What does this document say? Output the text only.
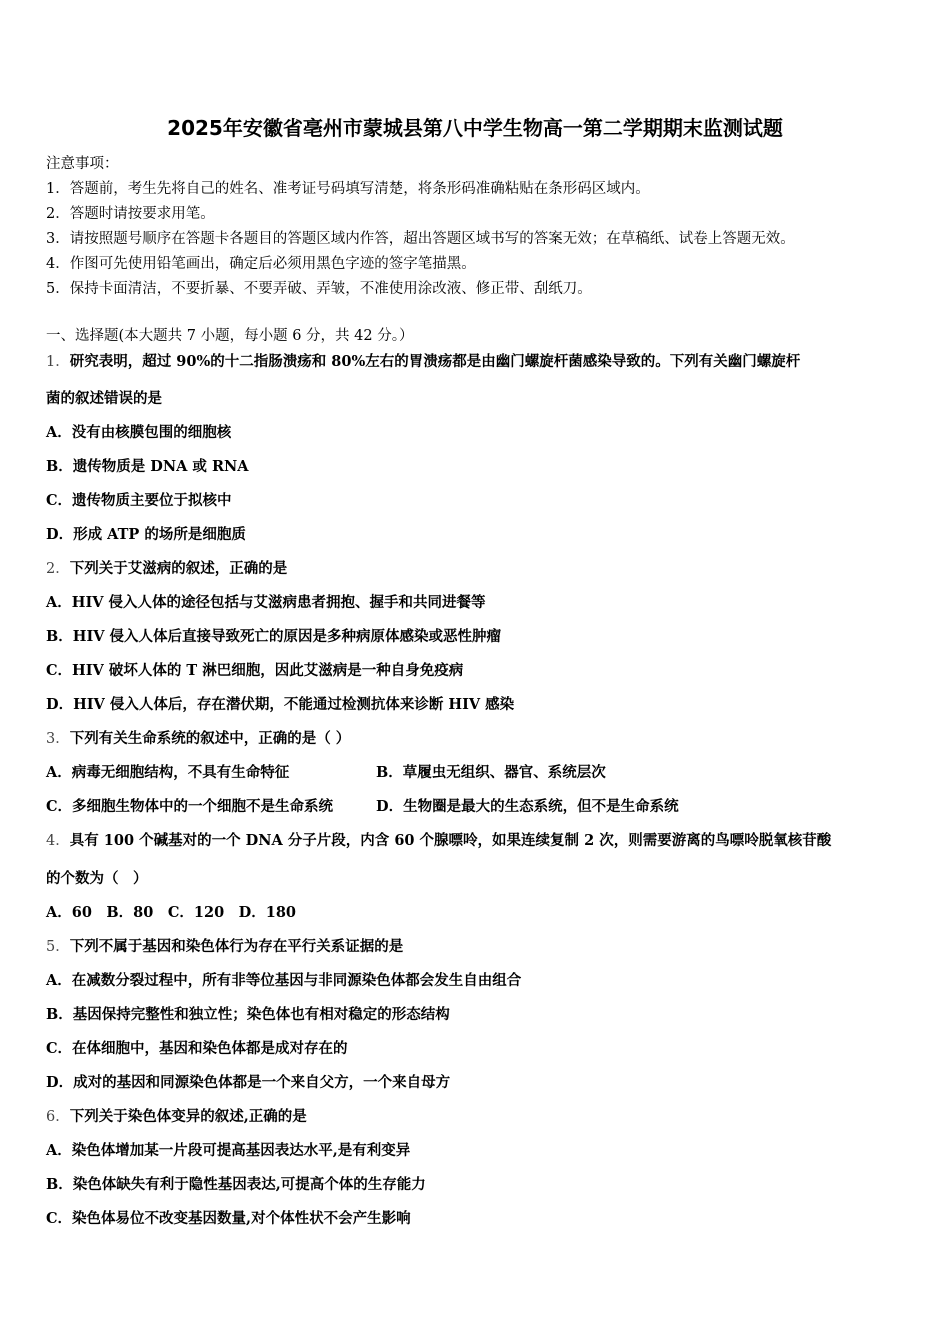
2025年安徽省亳州市蒙城县第八中学生物高一第二学期期末监测试题
注意事项：
1．答题前，考生先将自己的姓名、准考证号码填写清楚，将条形码准确粘贴在条形码区域内。
2．答题时请按要求用笔。
3．请按照题号顺序在答题卡各题目的答题区域内作答，超出答题区域书写的答案无效；在草稿纸、试卷上答题无效。
4．作图可先使用铅笔画出，确定后必须用黑色字迹的签字笔描黑。
5．保持卡面清洁，不要折暴、不要弄破、弄皱，不准使用涂改液、修正带、刮纸刀。
一、选择题(本大题共 7 小题，每小题 6 分，共 42 分。）
1．研究表明，超过 90%的十二指肠溃疡和 80%左右的胃溃疡都是由幽门螺旋杆菌感染导致的。下列有关幽门螺旋杆
菌的叙述错误的是
A．没有由核膜包围的细胞核
B．遗传物质是 DNA 或 RNA
C．遗传物质主要位于拟核中
D．形成 ATP 的场所是细胞质
2．下列关于艾滋病的叙述，正确的是
A．HIV 侵入人体的途径包括与艾滋病患者拥抱、握手和共同进餐等
B．HIV 侵入人体后直接导致死亡的原因是多种病原体感染或恶性肿瘤
C．HIV 破坏人体的 T 淋巴细胞，因此艾滋病是一种自身免疫病
D．HIV 侵入人体后，存在潜伏期，不能通过检测抗体来诊断 HIV 感染
3．下列有关生命系统的叙述中，正确的是（ ）
A．病毒无细胞结构，不具有生命特征	B．草履虫无组织、器官、系统层次
C．多细胞生物体中的一个细胞不是生命系统	D．生物圈是最大的生态系统，但不是生命系统
4．具有 100 个碱基对的一个 DNA 分子片段，内含 60 个腺嘌呤，如果连续复制 2 次，则需要游离的鸟嘌呤脱氧核苷酸
的个数为（　）
A．60　B．80　C．120　D．180
5．下列不属于基因和染色体行为存在平行关系证据的是
A．在减数分裂过程中，所有非等位基因与非同源染色体都会发生自由组合
B．基因保持完整性和独立性；染色体也有相对稳定的形态结构
C．在体细胞中，基因和染色体都是成对存在的
D．成对的基因和同源染色体都是一个来自父方，一个来自母方
6．下列关于染色体变异的叙述,正确的是
A．染色体增加某一片段可提高基因表达水平,是有利变异
B．染色体缺失有利于隐性基因表达,可提高个体的生存能力
C．染色体易位不改变基因数量,对个体性状不会产生影响
